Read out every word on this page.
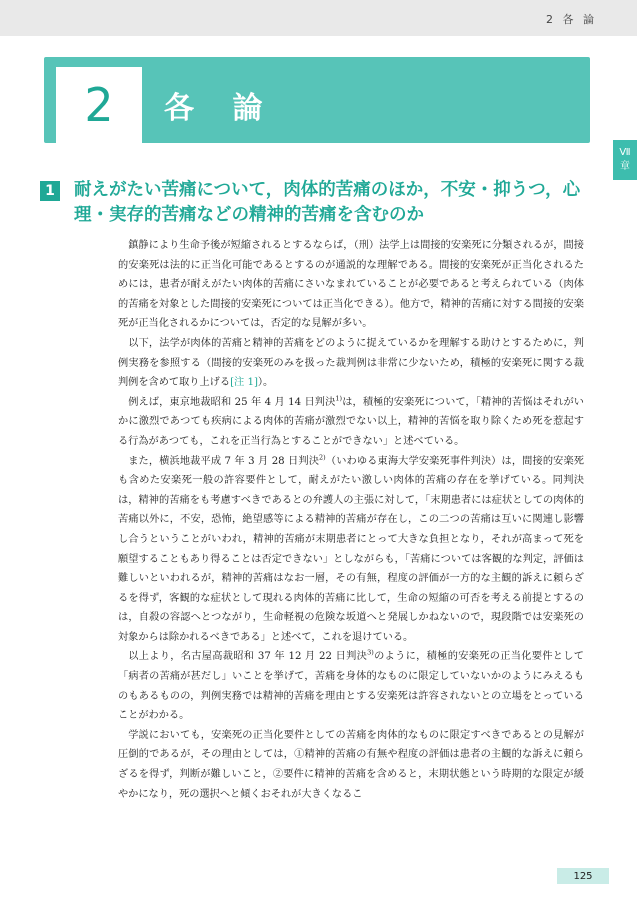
2 各 論
2 各 論
Ⅶ
章
1 耐えがたい苦痛について，肉体的苦痛のほか，不安・抑うつ，心理・実存的苦痛などの精神的苦痛を含むのか

鎮静により生命予後が短縮されるとするならば，（刑）法学上は間接的安楽死に分類されるが，間接的安楽死は法的に正当化可能であるとするのが通説的な理解である。間接的安楽死が正当化されるためには，患者が耐えがたい肉体的苦痛にさいなまれていることが必要であると考えられている（肉体的苦痛を対象とした間接的安楽死については正当化できる）。他方で，精神的苦痛に対する間接的安楽死が正当化されるかについては，否定的な見解が多い。

以下，法学が肉体的苦痛と精神的苦痛をどのように捉えているかを理解する助けとするために，判例実務を参照する（間接的安楽死のみを扱った裁判例は非常に少ないため，積極的安楽死に関する裁判例を含めて取り上げる[注 1]）。

例えば，東京地裁昭和 25 年 4 月 14 日判決$^{1)}$は，積極的安楽死について，「精神的苦悩はそれがいかに激烈であつても疾病による肉体的苦痛が激烈でない以上，精神的苦悩を取り除くため死を惹起する行為があつても，これを正当行為とすることができない」と述べている。

また，横浜地裁平成 7 年 3 月 28 日判決$^{2)}$（いわゆる東海大学安楽死事件判決）は，間接的安楽死も含めた安楽死一般の許容要件として，耐えがたい激しい肉体的苦痛の存在を挙げている。同判決は，精神的苦痛をも考慮すべきであるとの弁護人の主張に対して，「末期患者には症状としての肉体的苦痛以外に，不安，恐怖，絶望感等による精神的苦痛が存在し，この二つの苦痛は互いに関連し影響し合うということがいわれ，精神的苦痛が末期患者にとって大きな負担となり，それが高まって死を願望することもあり得ることは否定できない」としながらも，「苦痛については客観的な判定，評価は難しいといわれるが，精神的苦痛はなお一層，その有無，程度の評価が一方的な主観的訴えに頼らざるを得ず，客観的な症状として現れる肉体的苦痛に比して，生命の短縮の可否を考える前提とするのは，自殺の容認へとつながり，生命軽視の危険な坂道へと発展しかねないので，現段階では安楽死の対象からは除かれるべきである」と述べて，これを退けている。

以上より，名古屋高裁昭和 37 年 12 月 22 日判決$^{3)}$のように，積極的安楽死の正当化要件として「病者の苦痛が甚だし」いことを挙げて，苦痛を身体的なものに限定していないかのようにみえるものもあるものの，判例実務では精神的苦痛を理由とする安楽死は許容されないとの立場をとっていることがわかる。

学説においても，安楽死の正当化要件としての苦痛を肉体的なものに限定すべきであるとの見解が圧倒的であるが，その理由としては，①精神的苦痛の有無や程度の評価は患者の主観的な訴えに頼らざるを得ず，判断が難しいこと，②要件に精神的苦痛を含めると，末期状態という時期的な限定が緩やかになり，死の選択へと傾くおそれが大きくなるこ

125
